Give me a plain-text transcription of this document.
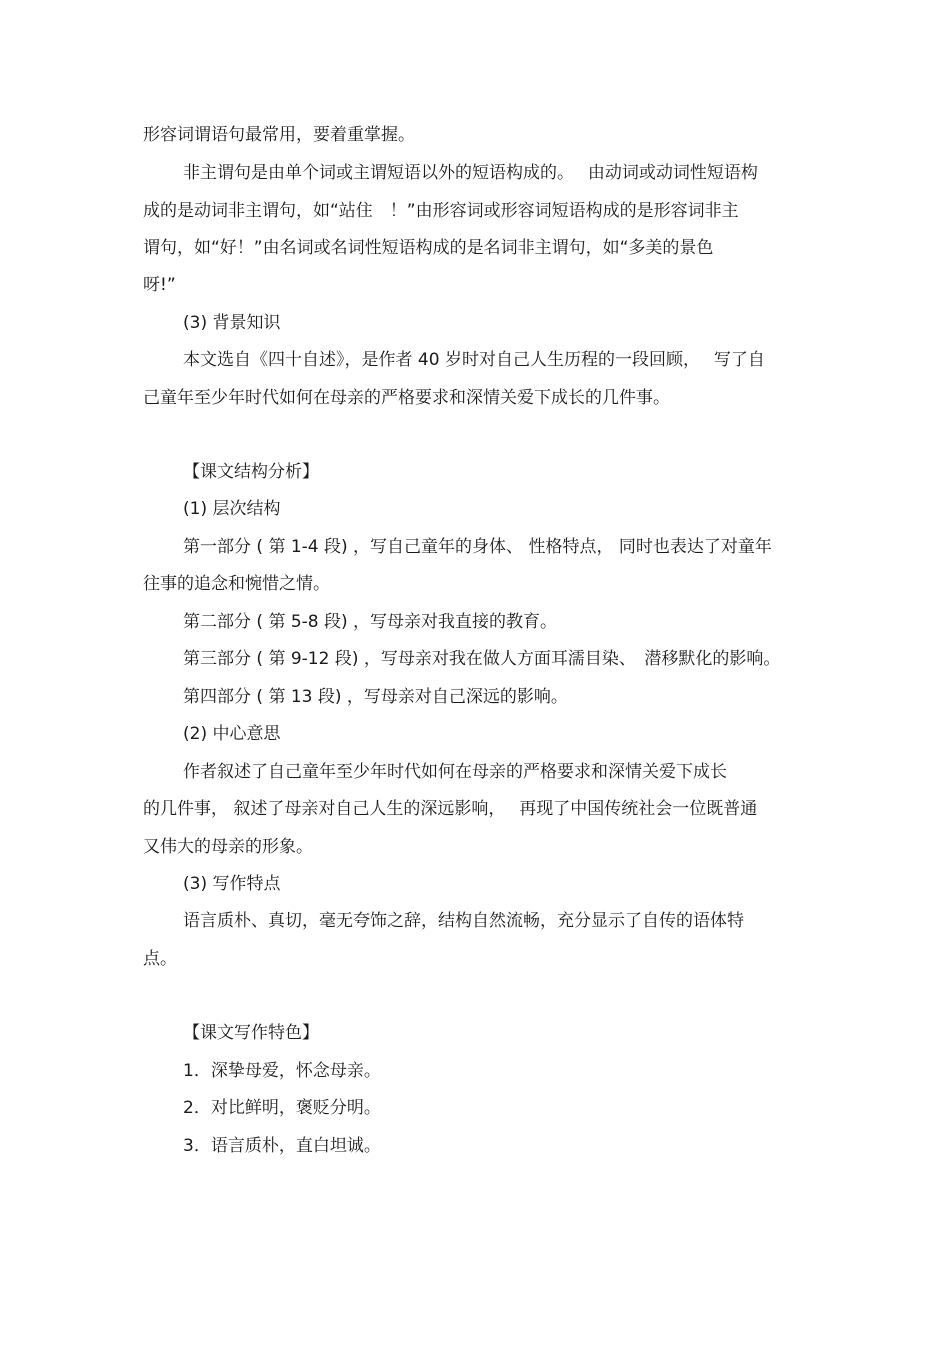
形容词谓语句最常用，要着重掌握。

非主谓句是由单个词或主谓短语以外的短语构成的。　 由动词或动词性短语构

成的是动词非主谓句，如“站住　！”由形容词或形容词短语构成的是形容词非主

谓句，如“好！”由名词或名词性短语构成的是名词非主谓句，如“多美的景色

呀!”

(3) 背景知识

本文选自《四十自述》，是作者 40 岁时对自己人生历程的一段回顾，　 写了自

己童年至少年时代如何在母亲的严格要求和深情关爱下成长的几件事。

【课文结构分析】

(1) 层次结构

第一部分 ( 第 1-4 段) ，写自己童年的身体、 性格特点， 同时也表达了对童年

往事的追念和惋惜之情。

第二部分 ( 第 5-8 段) ，写母亲对我直接的教育。

第三部分 ( 第 9-12 段) ，写母亲对我在做人方面耳濡目染、　潜移默化的影响。

第四部分 ( 第 13 段) ，写母亲对自己深远的影响。

(2) 中心意思

作者叙述了自己童年至少年时代如何在母亲的严格要求和深情关爱下成长

的几件事， 叙述了母亲对自己人生的深远影响，　 再现了中国传统社会一位既普通

又伟大的母亲的形象。

(3) 写作特点

语言质朴、真切，毫无夸饰之辞，结构自然流畅，充分显示了自传的语体特

点。

【课文写作特色】

1．深挚母爱，怀念母亲。

2．对比鲜明，褒贬分明。

3．语言质朴，直白坦诚。
